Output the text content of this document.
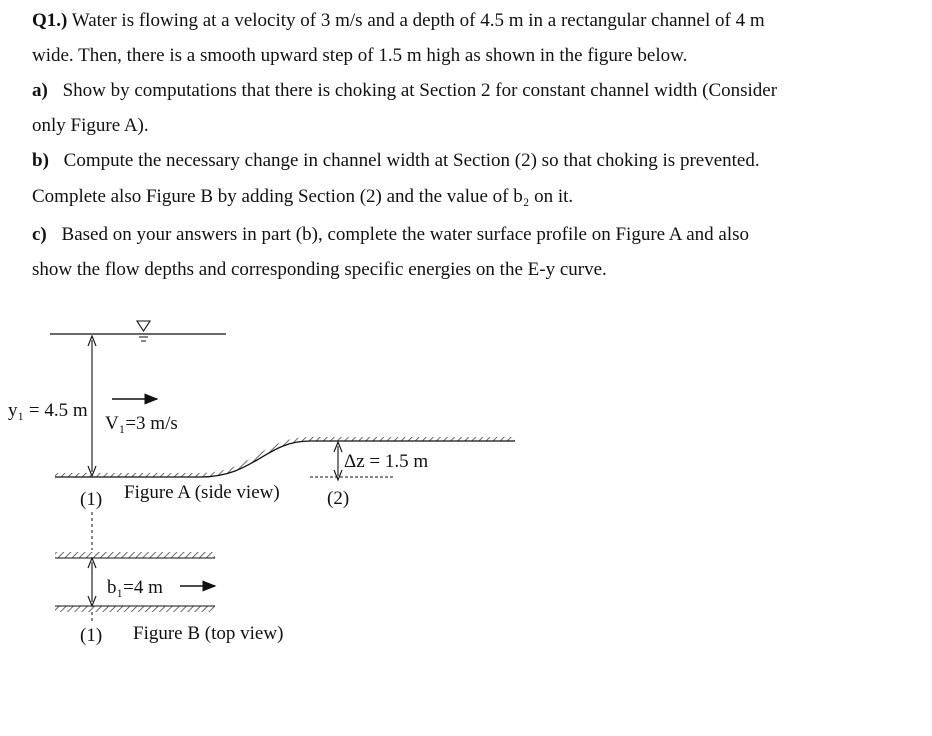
Q1.) Water is flowing at a velocity of 3 m/s and a depth of 4.5 m in a rectangular channel of 4 m
wide. Then, there is a smooth upward step of 1.5 m high as shown in the figure below.
a) Show by computations that there is choking at Section 2 for constant channel width (Consider
only Figure A).
b) Compute the necessary change in channel width at Section (2) so that choking is prevented.
Complete also Figure B by adding Section (2) and the value of b₂ on it.
c) Based on your answers in part (b), complete the water surface profile on Figure A and also
show the flow depths and corresponding specific energies on the E-y curve.
y₁ = 4.5 m
V₁=3 m/s
Δz = 1.5 m
(1) Figure A (side view) (2)
b₁=4 m
(1) Figure B (top view)
